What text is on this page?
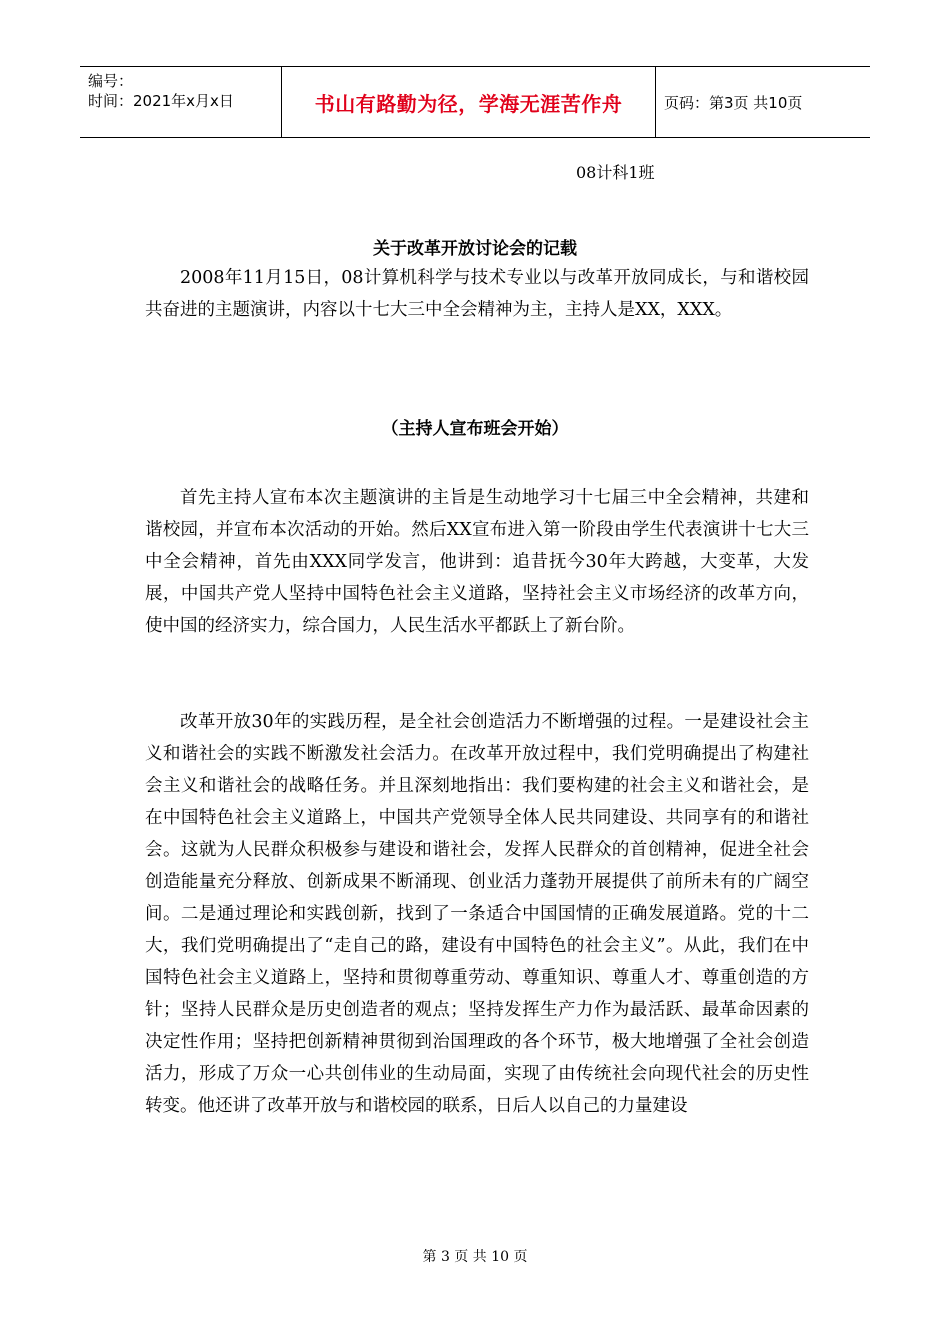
编号：
时间：2021年x月x日	书山有路勤为径，学海无涯苦作舟	页码：第3页 共10页
08计科1班
关于改革开放讨论会的记载

2008年11月15日，08计算机科学与技术专业以与改革开放同成长，与和谐校园共奋进的主题演讲，内容以十七大三中全会精神为主，主持人是XX，XXX。

（主持人宣布班会开始）

首先主持人宣布本次主题演讲的主旨是生动地学习十七届三中全会精神，共建和谐校园，并宣布本次活动的开始。然后XX宣布进入第一阶段由学生代表演讲十七大三中全会精神，首先由XXX同学发言，他讲到：追昔抚今30年大跨越，大变革，大发展，中国共产党人坚持中国特色社会主义道路，坚持社会主义市场经济的改革方向，使中国的经济实力，综合国力，人民生活水平都跃上了新台阶。

改革开放30年的实践历程，是全社会创造活力不断增强的过程。一是建设社会主义和谐社会的实践不断激发社会活力。在改革开放过程中，我们党明确提出了构建社会主义和谐社会的战略任务。并且深刻地指出：我们要构建的社会主义和谐社会，是在中国特色社会主义道路上，中国共产党领导全体人民共同建设、共同享有的和谐社会。这就为人民群众积极参与建设和谐社会，发挥人民群众的首创精神，促进全社会创造能量充分释放、创新成果不断涌现、创业活力蓬勃开展提供了前所未有的广阔空间。二是通过理论和实践创新，找到了一条适合中国国情的正确发展道路。党的十二大，我们党明确提出了“走自己的路，建设有中国特色的社会主义”。从此，我们在中国特色社会主义道路上，坚持和贯彻尊重劳动、尊重知识、尊重人才、尊重创造的方针；坚持人民群众是历史创造者的观点；坚持发挥生产力作为最活跃、最革命因素的决定性作用；坚持把创新精神贯彻到治国理政的各个环节，极大地增强了全社会创造活力，形成了万众一心共创伟业的生动局面，实现了由传统社会向现代社会的历史性转变。他还讲了改革开放与和谐校园的联系，日后人以自己的力量建设

第 3 页 共 10 页
